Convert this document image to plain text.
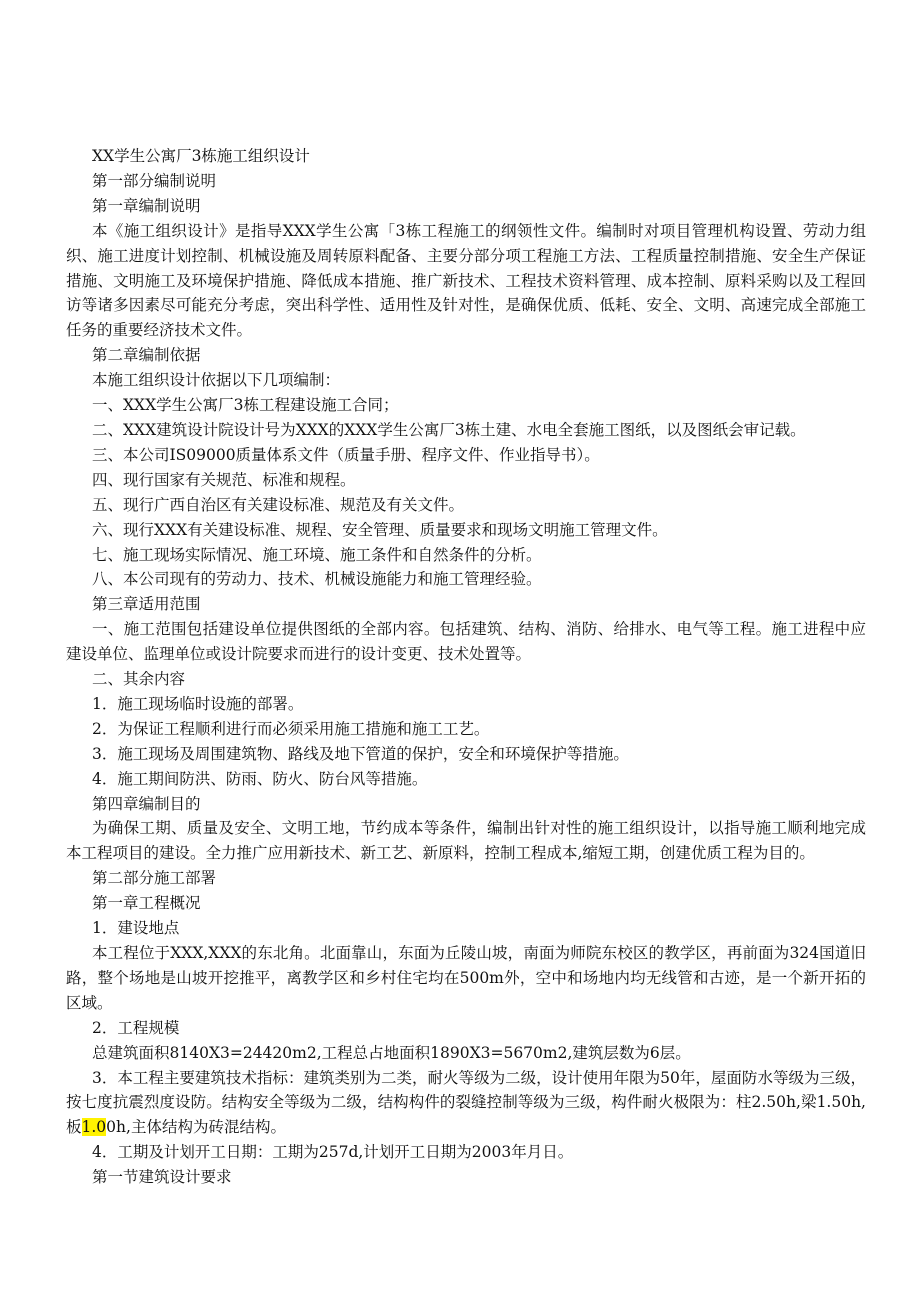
XX学生公寓厂3栋施工组织设计

第一部分编制说明

第一章编制说明

本《施工组织设计》是指导XXX学生公寓「3栋工程施工的纲领性文件。编制时对项目管理机构设置、劳动力组织、施工进度计划控制、机械设施及周转原料配备、主要分部分项工程施工方法、工程质量控制措施、安全生产保证措施、文明施工及环境保护措施、降低成本措施、推广新技术、工程技术资料管理、成本控制、原料采购以及工程回访等诸多因素尽可能充分考虑，突出科学性、适用性及针对性，是确保优质、低耗、安全、文明、高速完成全部施工任务的重要经济技术文件。

第二章编制依据

本施工组织设计依据以下几项编制：

一、XXX学生公寓厂3栋工程建设施工合同；

二、XXX建筑设计院设计号为XXX的XXX学生公寓厂3栋土建、水电全套施工图纸，以及图纸会审记载。

三、本公司IS09000质量体系文件（质量手册、程序文件、作业指导书）。

四、现行国家有关规范、标准和规程。

五、现行广西自治区有关建设标准、规范及有关文件。

六、现行XXX有关建设标准、规程、安全管理、质量要求和现场文明施工管理文件。

七、施工现场实际情况、施工环境、施工条件和自然条件的分析。

八、本公司现有的劳动力、技术、机械设施能力和施工管理经验。

第三章适用范围

一、施工范围包括建设单位提供图纸的全部内容。包括建筑、结构、消防、给排水、电气等工程。施工进程中应建设单位、监理单位或设计院要求而进行的设计变更、技术处置等。

二、其余内容

1．施工现场临时设施的部署。

2．为保证工程顺利进行而必须采用施工措施和施工工艺。

3．施工现场及周围建筑物、路线及地下管道的保护，安全和环境保护等措施。

4．施工期间防洪、防雨、防火、防台风等措施。

第四章编制目的

为确保工期、质量及安全、文明工地，节约成本等条件，编制出针对性的施工组织设计，以指导施工顺利地完成本工程项目的建设。全力推广应用新技术、新工艺、新原料，控制工程成本,缩短工期，创建优质工程为目的。

第二部分施工部署

第一章工程概况

1．建设地点

本工程位于XXX,XXX的东北角。北面靠山，东面为丘陵山坡，南面为师院东校区的教学区，再前面为324国道旧路，整个场地是山坡开挖推平，离教学区和乡村住宅均在500m外，空中和场地内均无线管和古迹，是一个新开拓的区域。

2．工程规模

总建筑面积8140X3=24420m2,工程总占地面积1890X3=5670m2,建筑层数为6层。

3．本工程主要建筑技术指标：建筑类别为二类，耐火等级为二级，设计使用年限为50年，屋面防水等级为三级，按七度抗震烈度设防。结构安全等级为二级，结构构件的裂缝控制等级为三级，构件耐火极限为：柱2.50h,梁1.50h,板1.00h,主体结构为砖混结构。

4．工期及计划开工日期：工期为257d,计划开工日期为2003年月日。

第一节建筑设计要求
